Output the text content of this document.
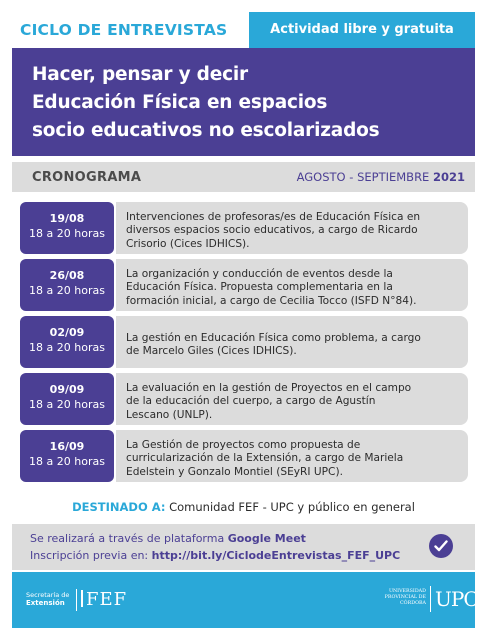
CICLO DE ENTREVISTAS	Actividad libre y gratuita
Hacer, pensar y decir
Educación Física en espacios
socio educativos no escolarizados
CRONOGRAMA	AGOSTO - SEPTIEMBRE 2021
19/08
18 a 20 horas
Intervenciones de profesoras/es de Educación Física en
diversos espacios socio educativos, a cargo de Ricardo
Crisorio (Cices IDHICS).
26/08
18 a 20 horas
La organización y conducción de eventos desde la
Educación Física. Propuesta complementaria en la
formación inicial, a cargo de Cecilia Tocco (ISFD N°84).
02/09
18 a 20 horas
La gestión en Educación Física como problema, a cargo
de Marcelo Giles (Cices IDHICS).
09/09
18 a 20 horas
La evaluación en la gestión de Proyectos en el campo
de la educación del cuerpo, a cargo de Agustín
Lescano (UNLP).
16/09
18 a 20 horas
La Gestión de proyectos como propuesta de
curricularización de la Extensión, a cargo de Mariela
Edelstein y Gonzalo Montiel (SEyRI UPC).
DESTINADO A: Comunidad FEF - UPC y público en general
Se realizará a través de plataforma Google Meet
Inscripción previa en: http://bit.ly/CiclodeEntrevistas_FEF_UPC
Secretaría de
Extensión	FEF	UNIVERSIDAD
PROVINCIAL DE
CÓRDOBA UPC
